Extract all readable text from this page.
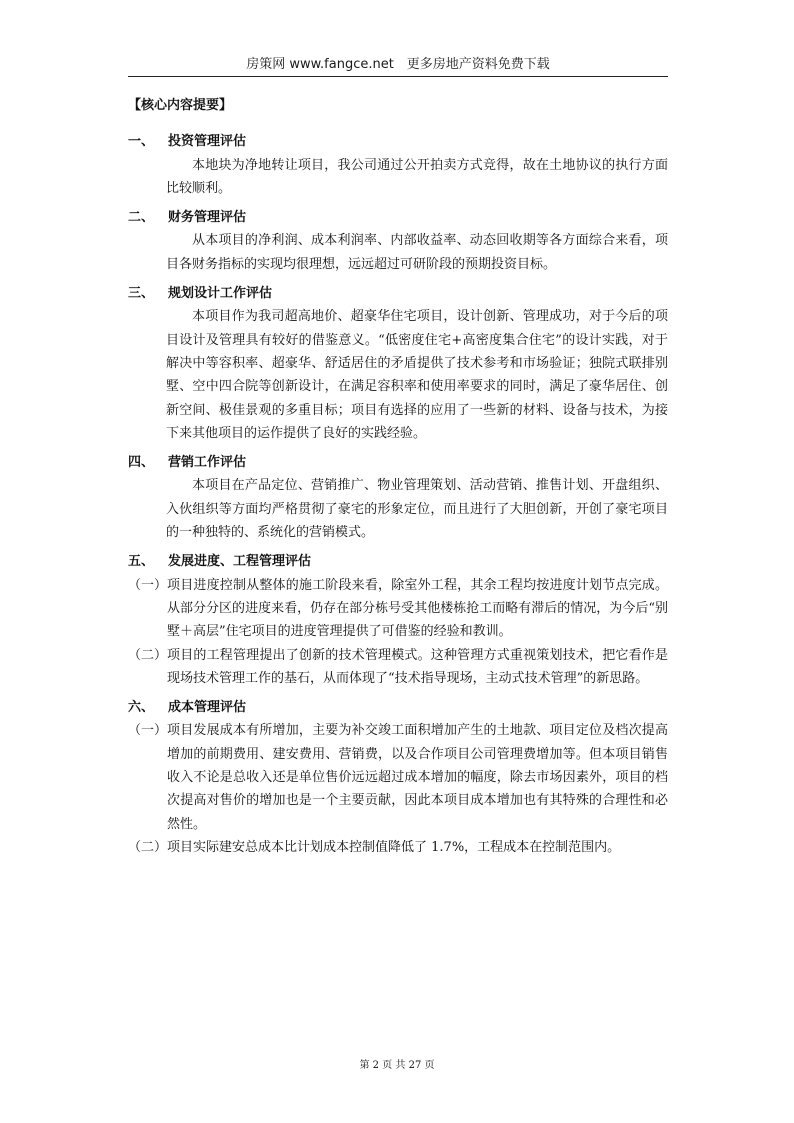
房策网 www.fangce.net　更多房地产资料免费下载
【核心内容提要】
一、 投资管理评估
本地块为净地转让项目，我公司通过公开拍卖方式竞得，故在土地协议的执行方面比较顺利。
二、 财务管理评估
从本项目的净利润、成本利润率、内部收益率、动态回收期等各方面综合来看，项目各财务指标的实现均很理想，远远超过可研阶段的预期投资目标。
三、 规划设计工作评估
本项目作为我司超高地价、超豪华住宅项目，设计创新、管理成功，对于今后的项目设计及管理具有较好的借鉴意义。“低密度住宅+高密度集合住宅”的设计实践，对于解决中等容积率、超豪华、舒适居住的矛盾提供了技术参考和市场验证；独院式联排别墅、空中四合院等创新设计，在满足容积率和使用率要求的同时，满足了豪华居住、创新空间、极佳景观的多重目标；项目有选择的应用了一些新的材料、设备与技术，为接下来其他项目的运作提供了良好的实践经验。
四、 营销工作评估
本项目在产品定位、营销推广、物业管理策划、活动营销、推售计划、开盘组织、入伙组织等方面均严格贯彻了豪宅的形象定位，而且进行了大胆创新，开创了豪宅项目的一种独特的、系统化的营销模式。
五、 发展进度、工程管理评估
（一） 项目进度控制从整体的施工阶段来看，除室外工程，其余工程均按进度计划节点完成。从部分分区的进度来看，仍存在部分栋号受其他楼栋抢工而略有滞后的情况，为今后“别墅＋高层”住宅项目的进度管理提供了可借鉴的经验和教训。
（二） 项目的工程管理提出了创新的技术管理模式。这种管理方式重视策划技术，把它看作是现场技术管理工作的基石，从而体现了“技术指导现场，主动式技术管理”的新思路。
六、 成本管理评估
（一） 项目发展成本有所增加，主要为补交竣工面积增加产生的土地款、项目定位及档次提高增加的前期费用、建安费用、营销费，以及合作项目公司管理费增加等。但本项目销售收入不论是总收入还是单位售价远远超过成本增加的幅度，除去市场因素外，项目的档次提高对售价的增加也是一个主要贡献，因此本项目成本增加也有其特殊的合理性和必然性。
（二） 项目实际建安总成本比计划成本控制值降低了 1.7%，工程成本在控制范围内。
第 2 页 共 27 页
